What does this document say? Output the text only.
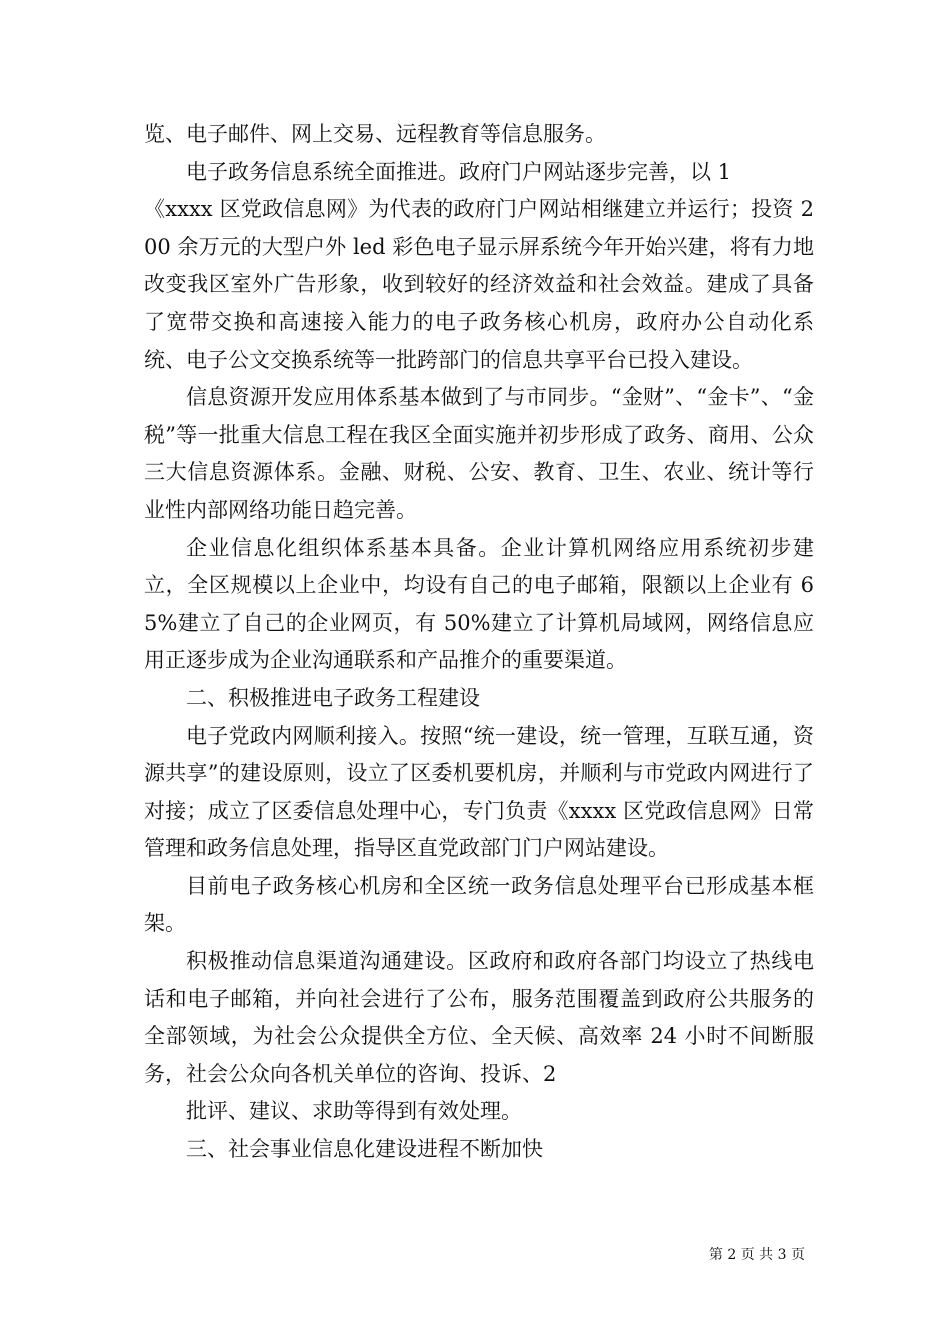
览、电子邮件、网上交易、远程教育等信息服务。

电子政务信息系统全面推进。政府门户网站逐步完善，以 1

《xxxx 区党政信息网》为代表的政府门户网站相继建立并运行；投资 200 余万元的大型户外 led 彩色电子显示屏系统今年开始兴建，将有力地改变我区室外广告形象，收到较好的经济效益和社会效益。建成了具备了宽带交换和高速接入能力的电子政务核心机房，政府办公自动化系统、电子公文交换系统等一批跨部门的信息共享平台已投入建设。

信息资源开发应用体系基本做到了与市同步。“金财”、“金卡”、“金税”等一批重大信息工程在我区全面实施并初步形成了政务、商用、公众三大信息资源体系。金融、财税、公安、教育、卫生、农业、统计等行业性内部网络功能日趋完善。

企业信息化组织体系基本具备。企业计算机网络应用系统初步建立，全区规模以上企业中，均设有自己的电子邮箱，限额以上企业有 65%建立了自己的企业网页，有 50%建立了计算机局域网，网络信息应用正逐步成为企业沟通联系和产品推介的重要渠道。

二、积极推进电子政务工程建设

电子党政内网顺利接入。按照“统一建设，统一管理，互联互通，资源共享”的建设原则，设立了区委机要机房，并顺利与市党政内网进行了对接；成立了区委信息处理中心，专门负责《xxxx 区党政信息网》日常管理和政务信息处理，指导区直党政部门门户网站建设。

目前电子政务核心机房和全区统一政务信息处理平台已形成基本框架。

积极推动信息渠道沟通建设。区政府和政府各部门均设立了热线电话和电子邮箱，并向社会进行了公布，服务范围覆盖到政府公共服务的全部领域，为社会公众提供全方位、全天候、高效率 24 小时不间断服务，社会公众向各机关单位的咨询、投诉、2

批评、建议、求助等得到有效处理。

三、社会事业信息化建设进程不断加快

第 2 页 共 3 页
